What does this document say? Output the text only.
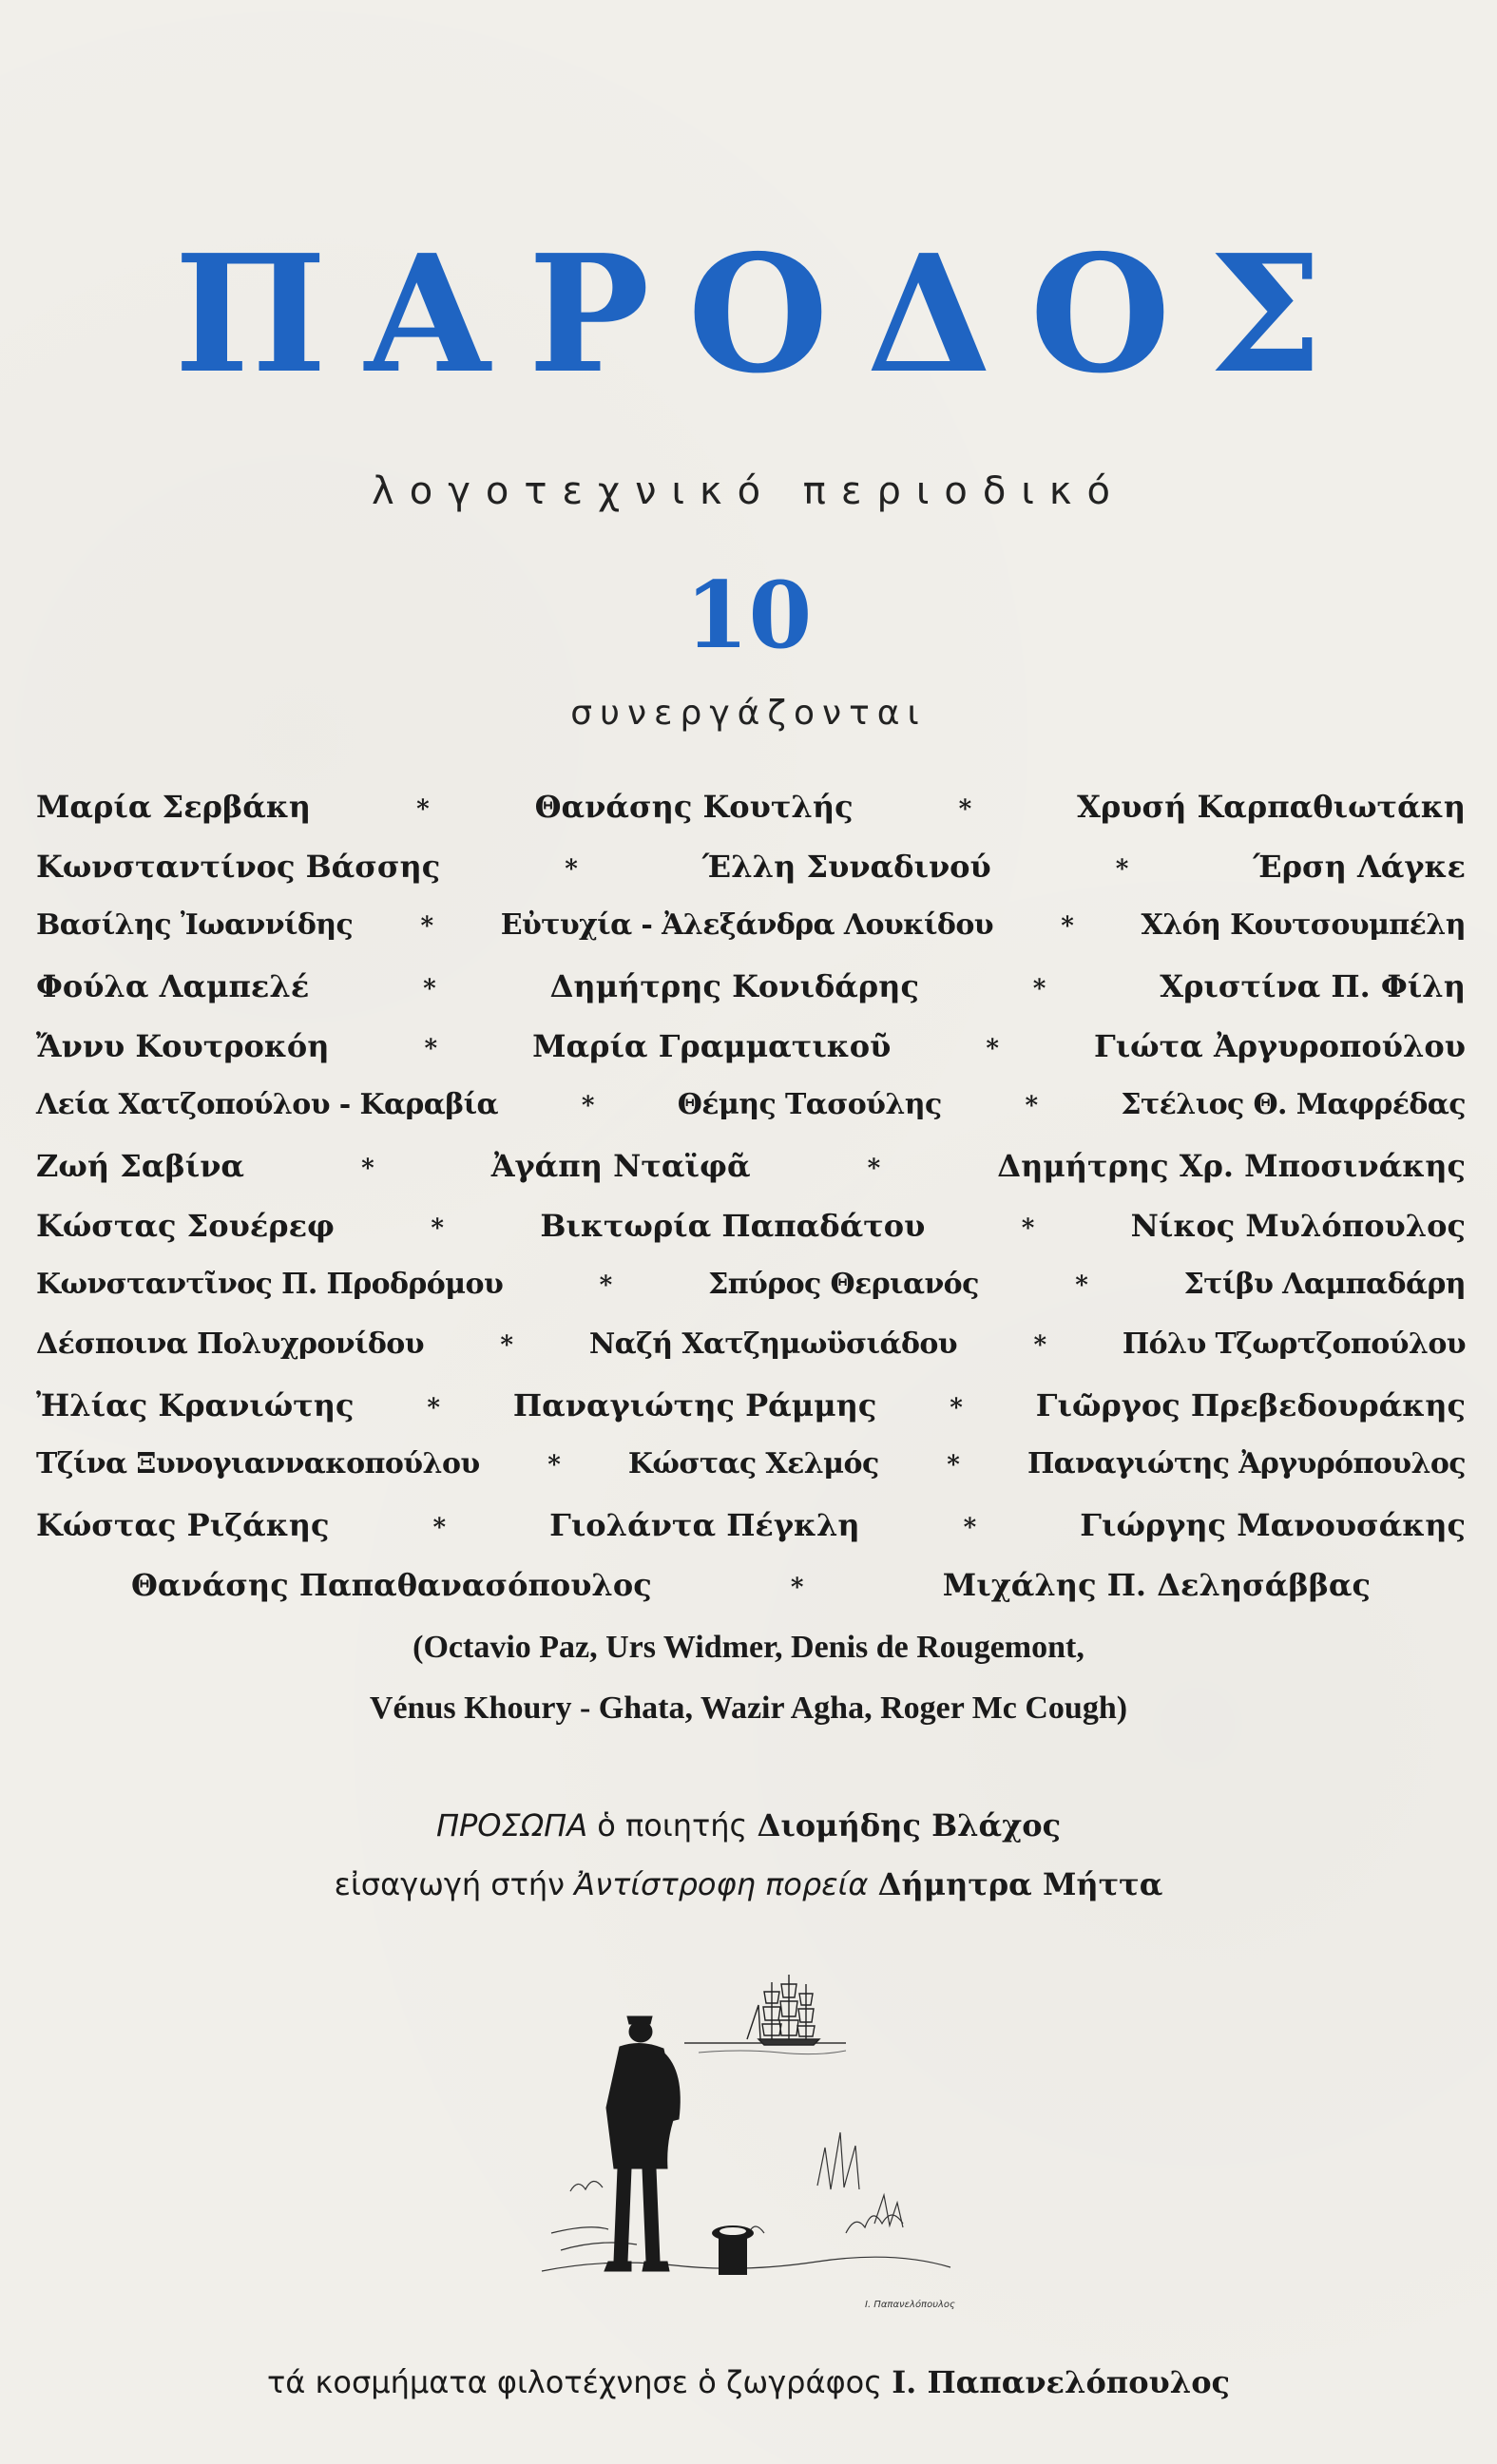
ΠΑΡΟΔΟΣ
λογοτεχνικό περιοδικό
10
συνεργάζονται
Μαρία Σερβάκη	*	Θανάσης Κουτλής	*	Χρυσή Καρπαθιωτάκη
Κωνσταντίνος Βάσσης	*	Έλλη Συναδινού	*	Έρση Λάγκε
Βασίλης Ἰωαννίδης	* Εὐτυχία - Ἀλεξάνδρα Λουκίδου	* Χλόη Κουτσουμπέλη
Φούλα Λαμπελέ	*	Δημήτρης Κονιδάρης	*	Χριστίνα Π. Φίλη
Ἄννυ Κουτροκόη	*	Μαρία Γραμματικοῦ	*	Γιώτα Ἀργυροπούλου
Λεία Χατζοπούλου - Καραβία	*	Θέμης Τασούλης	*	Στέλιος Θ. Μαφρέδας
Ζωή Σαβίνα	*	Ἀγάπη Νταϊφᾶ	*	Δημήτρης Χρ. Μποσινάκης
Κώστας Σουέρεφ	*	Βικτωρία Παπαδάτου	*	Νίκος Μυλόπουλος
Κωνσταντῖνος Π. Προδρόμου	*	Σπύρος Θεριανός	*	Στίβυ Λαμπαδάρη
Δέσποινα Πολυχρονίδου	*	Ναζή Χατζημωϋσιάδου	*	Πόλυ Τζωρτζοπούλου
Ἠλίας Κρανιώτης	* Παναγιώτης Ράμμης	* Γιῶργος Πρεβεδουράκης
Τζίνα Ξυνογιαννακοπούλου	* Κώστας Χελμός	* Παναγιώτης Ἀργυρόπουλος
Κώστας Ριζάκης	*	Γιολάντα Πέγκλη	*	Γιώργης Μανουσάκης
Θανάσης Παπαθανασόπουλος	*	Μιχάλης Π. Δελησάββας
(Octavio Paz, Urs Widmer, Denis de Rougemont,
Vénus Khoury - Ghata, Wazir Agha, Roger Mc Cough)
ΠΡΟΣΩΠΑ ὁ ποιητής Διομήδης Βλάχος
εἰσαγωγή στήν Ἀντίστροφη πορεία Δήμητρα Μήττα
Ι. Παπανελόπουλος
τά κοσμήματα φιλοτέχνησε ὁ ζωγράφος Ι. Παπανελόπουλος
